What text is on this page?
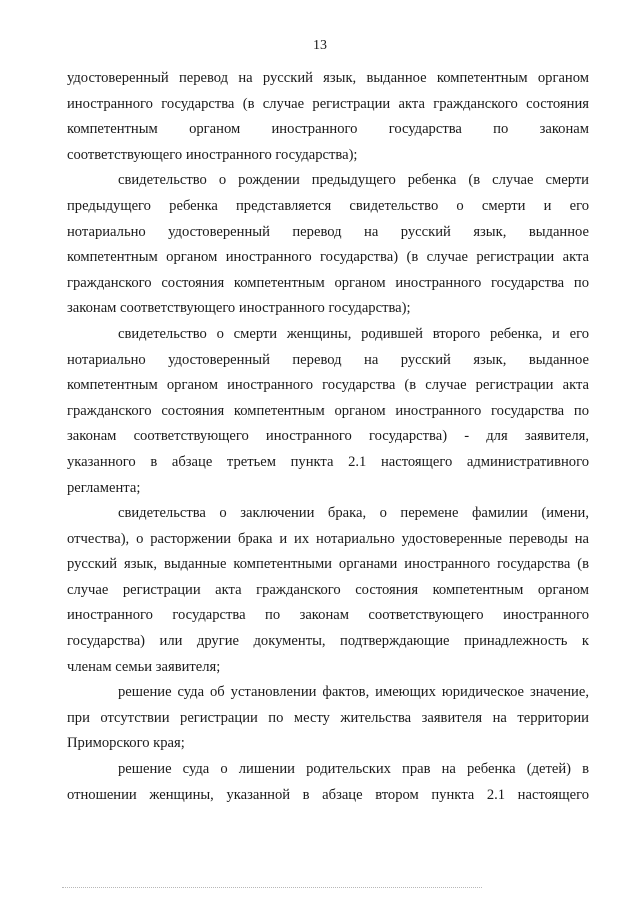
13
удостоверенный перевод на русский язык, выданное компетентным органом
иностранного государства (в случае регистрации акта гражданского состояния
компетентным органом иностранного государства по законам
соответствующего иностранного государства);
свидетельство о рождении предыдущего ребенка (в случае смерти
предыдущего ребенка представляется свидетельство о смерти и его
нотариально удостоверенный перевод на русский язык, выданное
компетентным органом иностранного государства) (в случае регистрации акта
гражданского состояния компетентным органом иностранного государства по
законам соответствующего иностранного государства);
свидетельство о смерти женщины, родившей второго ребенка, и его
нотариально удостоверенный перевод на русский язык, выданное
компетентным органом иностранного государства (в случае регистрации акта
гражданского состояния компетентным органом иностранного государства по
законам соответствующего иностранного государства) - для заявителя,
указанного в абзаце третьем пункта 2.1 настоящего административного
регламента;
свидетельства о заключении брака, о перемене фамилии (имени,
отчества), о расторжении брака и их нотариально удостоверенные переводы на
русский язык, выданные компетентными органами иностранного государства (в
случае регистрации акта гражданского состояния компетентным органом
иностранного государства по законам соответствующего иностранного
государства) или другие документы, подтверждающие принадлежность к
членам семьи заявителя;
решение суда об установлении фактов, имеющих юридическое значение,
при отсутствии регистрации по месту жительства заявителя на территории
Приморского края;
решение суда о лишении родительских прав на ребенка (детей) в
отношении женщины, указанной в абзаце втором пункта 2.1 настоящего
